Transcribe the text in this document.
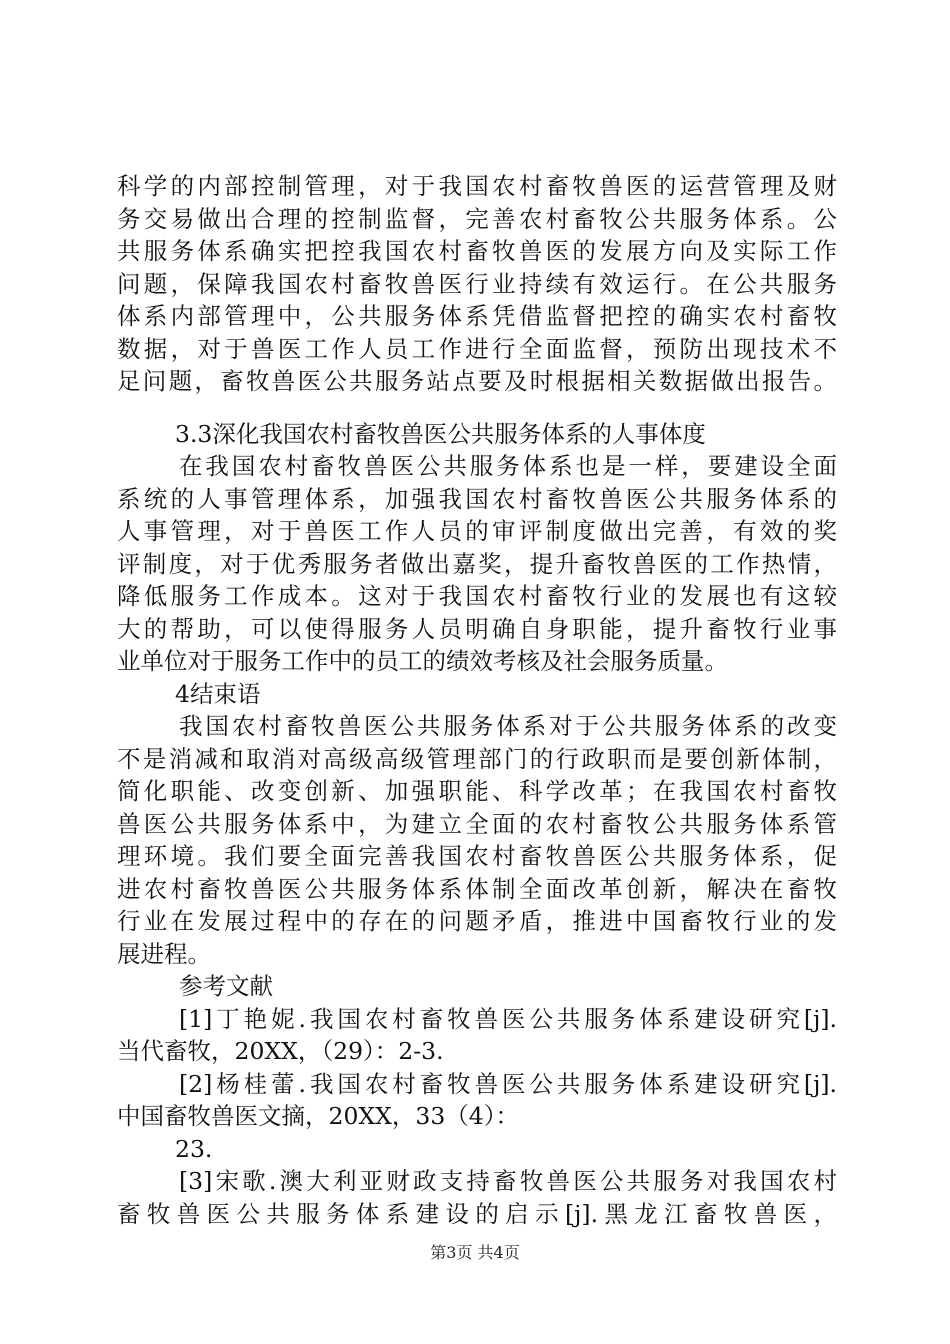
科学的内部控制管理，对于我国农村畜牧兽医的运营管理及财
务交易做出合理的控制监督，完善农村畜牧公共服务体系。公
共服务体系确实把控我国农村畜牧兽医的发展方向及实际工作
问题，保障我国农村畜牧兽医行业持续有效运行。在公共服务
体系内部管理中，公共服务体系凭借监督把控的确实农村畜牧
数据，对于兽医工作人员工作进行全面监督，预防出现技术不
足问题，畜牧兽医公共服务站点要及时根据相关数据做出报告。
3.3深化我国农村畜牧兽医公共服务体系的人事体度
在我国农村畜牧兽医公共服务体系也是一样，要建设全面
系统的人事管理体系，加强我国农村畜牧兽医公共服务体系的
人事管理，对于兽医工作人员的审评制度做出完善，有效的奖
评制度，对于优秀服务者做出嘉奖，提升畜牧兽医的工作热情，
降低服务工作成本。这对于我国农村畜牧行业的发展也有这较
大的帮助，可以使得服务人员明确自身职能，提升畜牧行业事
业单位对于服务工作中的员工的绩效考核及社会服务质量。
4结束语
我国农村畜牧兽医公共服务体系对于公共服务体系的改变
不是消减和取消对高级高级管理部门的行政职而是要创新体制，
简化职能、改变创新、加强职能、科学改革；在我国农村畜牧
兽医公共服务体系中，为建立全面的农村畜牧公共服务体系管
理环境。我们要全面完善我国农村畜牧兽医公共服务体系，促
进农村畜牧兽医公共服务体系体制全面改革创新，解决在畜牧
行业在发展过程中的存在的问题矛盾，推进中国畜牧行业的发
展进程。
参考文献
[1]丁艳妮.我国农村畜牧兽医公共服务体系建设研究[j].
当代畜牧，20XX，（29）：2-3.
[2]杨桂蕾.我国农村畜牧兽医公共服务体系建设研究[j].
中国畜牧兽医文摘，20XX，33（4）：
23.
[3]宋歌.澳大利亚财政支持畜牧兽医公共服务对我国农村
畜牧兽医公共服务体系建设的启示[j].黑龙江畜牧兽医，
第3页 共4页
